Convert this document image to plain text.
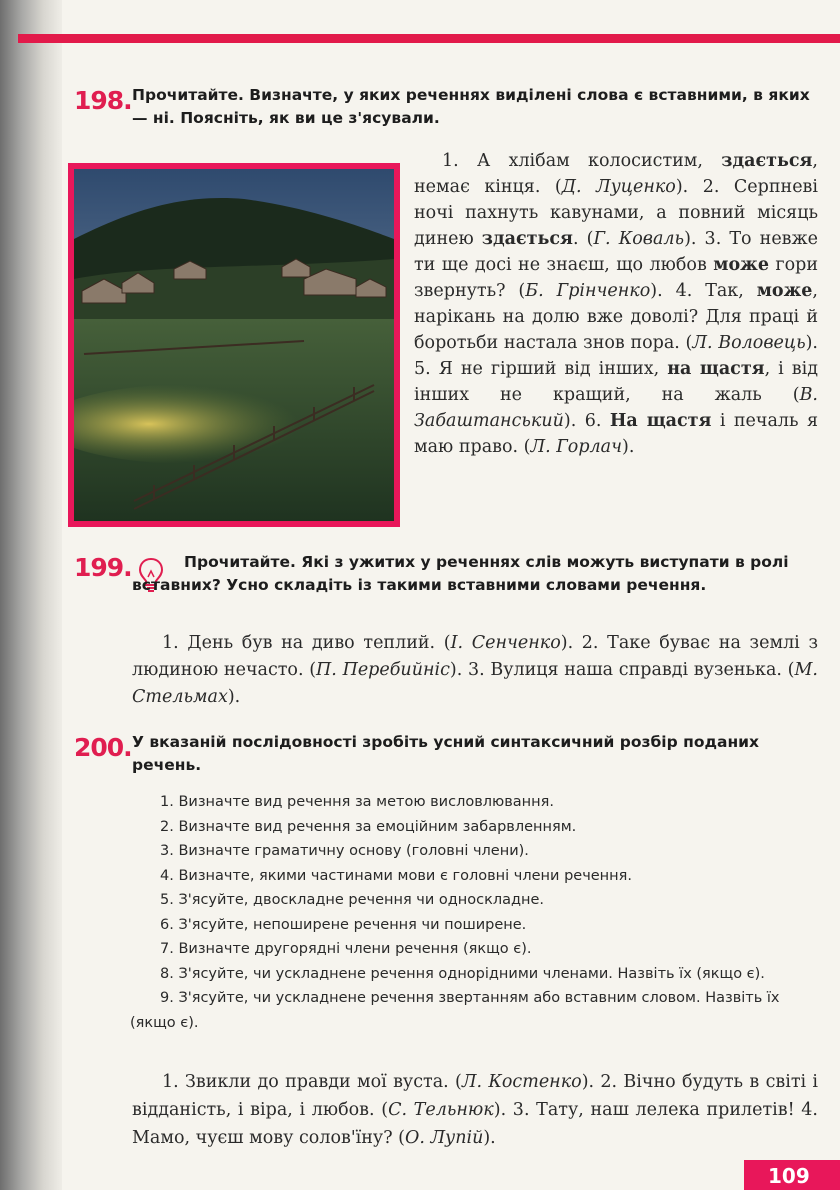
198. Прочитайте. Визначте, у яких реченнях виділені слова є вставними, в яких — ні. Поясніть, як ви це з'ясували.

1. А хлібам колосистим, здається, немає кінця. (Д. Луценко). 2. Серпневі ночі пахнуть кавунами, а повний місяць динею здається. (Г. Коваль). 3. То невже ти ще досі не знаєш, що любов може гори звернуть? (Б. Грінченко). 4. Так, може, нарікань на долю вже доволі? Для праці й боротьби настала знов пора. (Л. Воловець). 5. Я не гірший від інших, на щастя, і від інших не кращий, на жаль (В. Забаштанський). 6. На щастя і печаль я маю право. (Л. Горлач).

199.	Прочитайте. Які з ужитих у реченнях слів можуть виступати в ролі вставних? Усно складіть із такими вставними словами речення.

1. День був на диво теплий. (І. Сенченко). 2. Таке буває на землі з людиною нечасто. (П. Перебийніс). 3. Вулиця наша справді вузенька. (М. Стельмах).

200. У вказаній послідовності зробіть усний синтаксичний розбір поданих речень.
1. Визначте вид речення за метою висловлювання.
2. Визначте вид речення за емоційним забарвленням.
3. Визначте граматичну основу (головні члени).
4. Визначте, якими частинами мови є головні члени речення.
5. З'ясуйте, двоскладне речення чи односкладне.
6. З'ясуйте, непоширене речення чи поширене.
7. Визначте другорядні члени речення (якщо є).
8. З'ясуйте, чи ускладнене речення однорідними членами. Назвіть їх (якщо є).
9. З'ясуйте, чи ускладнене речення звертанням або вставним словом. Назвіть їх (якщо є).

1. Звикли до правди мої вуста. (Л. Костенко). 2. Вічно будуть в світі і відданість, і віра, і любов. (С. Тельнюк). 3. Тату, наш лелека прилетів! 4. Мамо, чуєш мову солов'їну? (О. Лупій).

109
